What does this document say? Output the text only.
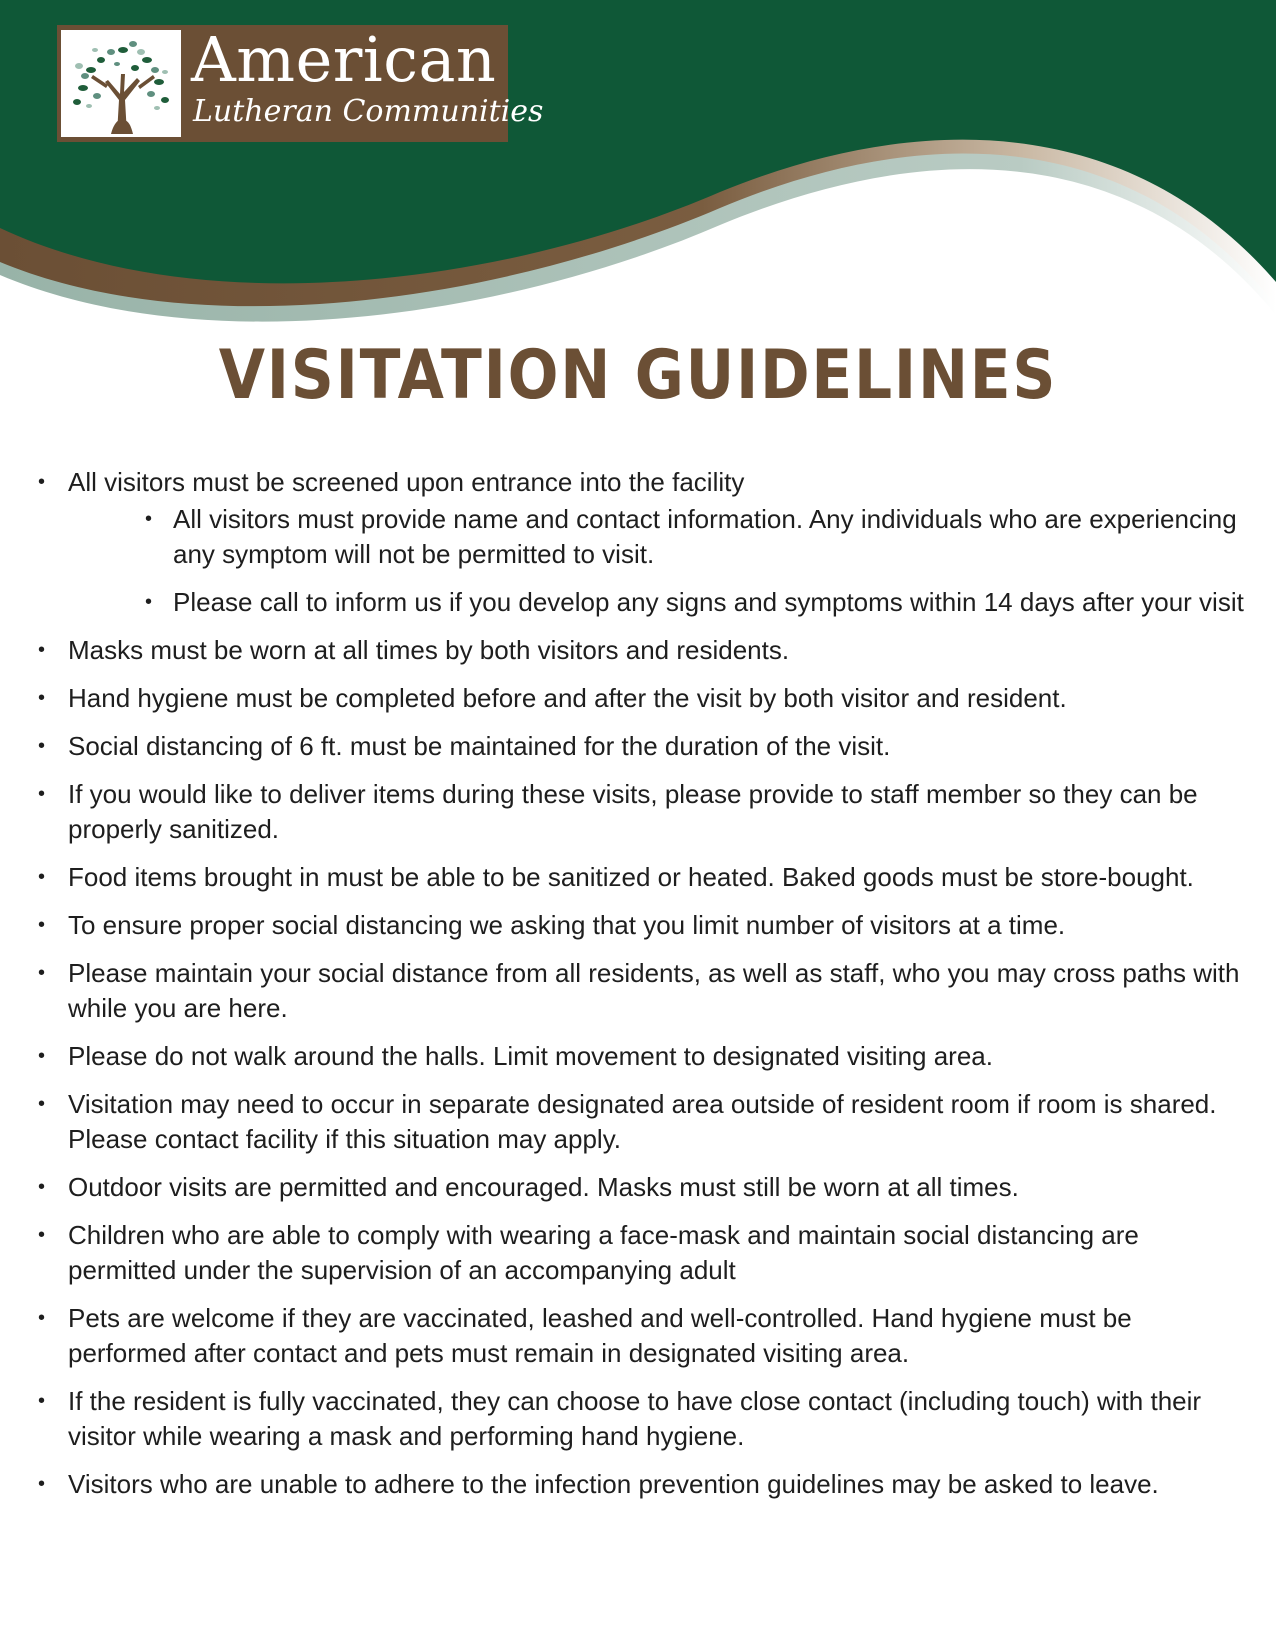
American
Lutheran Communities
VISITATION GUIDELINES
• All visitors must be screened upon entrance into the facility
• All visitors must provide name and contact information. Any individuals who are experiencing any symptom will not be permitted to visit.
• Please call to inform us if you develop any signs and symptoms within 14 days after your visit
• Masks must be worn at all times by both visitors and residents.
• Hand hygiene must be completed before and after the visit by both visitor and resident.
• Social distancing of 6 ft. must be maintained for the duration of the visit.
• If you would like to deliver items during these visits, please provide to staff member so they can be properly sanitized.
• Food items brought in must be able to be sanitized or heated. Baked goods must be store-bought.
• To ensure proper social distancing we asking that you limit number of visitors at a time.
• Please maintain your social distance from all residents, as well as staff, who you may cross paths with while you are here.
• Please do not walk around the halls. Limit movement to designated visiting area.
• Visitation may need to occur in separate designated area outside of resident room if room is shared. Please contact facility if this situation may apply.
• Outdoor visits are permitted and encouraged. Masks must still be worn at all times.
• Children who are able to comply with wearing a face-mask and maintain social distancing are permitted under the supervision of an accompanying adult
• Pets are welcome if they are vaccinated, leashed and well-controlled. Hand hygiene must be performed after contact and pets must remain in designated visiting area.
• If the resident is fully vaccinated, they can choose to have close contact (including touch) with their visitor while wearing a mask and performing hand hygiene.
• Visitors who are unable to adhere to the infection prevention guidelines may be asked to leave.
